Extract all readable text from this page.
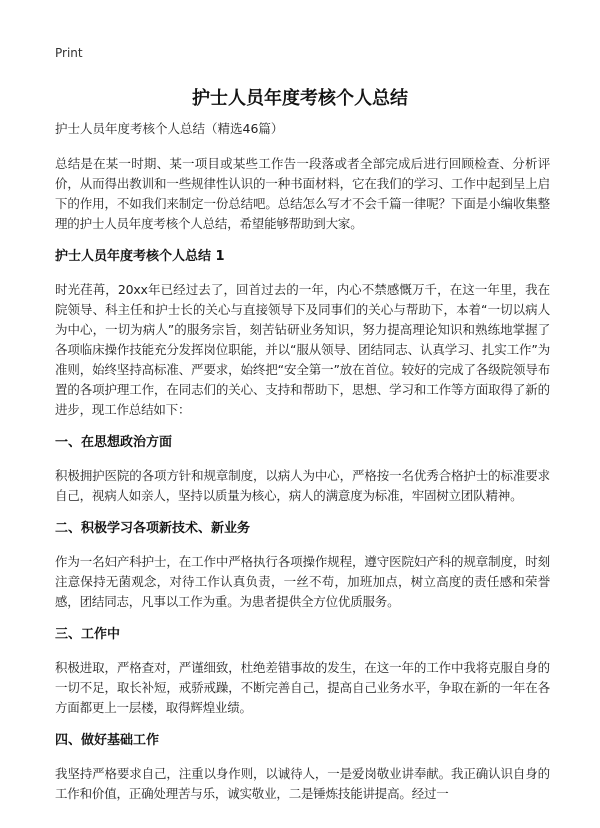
Print
护士人员年度考核个人总结
护士人员年度考核个人总结（精选46篇）

总结是在某一时期、某一项目或某些工作告一段落或者全部完成后进行回顾检查、分析评价，从而得出教训和一些规律性认识的一种书面材料，它在我们的学习、工作中起到呈上启下的作用，不如我们来制定一份总结吧。总结怎么写才不会千篇一律呢？下面是小编收集整理的护士人员年度考核个人总结，希望能够帮助到大家。

护士人员年度考核个人总结 1

时光荏苒，20xx年已经过去了，回首过去的一年，内心不禁感慨万千，在这一年里，我在院领导、科主任和护士长的关心与直接领导下及同事们的关心与帮助下，本着“一切以病人为中心，一切为病人”的服务宗旨，刻苦钻研业务知识，努力提高理论知识和熟练地掌握了各项临床操作技能充分发挥岗位职能，并以“服从领导、团结同志、认真学习、扎实工作”为准则，始终坚持高标准、严要求，始终把“安全第一”放在首位。较好的完成了各级院领导布置的各项护理工作，在同志们的关心、支持和帮助下，思想、学习和工作等方面取得了新的进步，现工作总结如下：

一、在思想政治方面

积极拥护医院的各项方针和规章制度，以病人为中心，严格按一名优秀合格护士的标准要求自己，视病人如亲人，坚持以质量为核心，病人的满意度为标准，牢固树立团队精神。

二、积极学习各项新技术、新业务

作为一名妇产科护士，在工作中严格执行各项操作规程，遵守医院妇产科的规章制度，时刻注意保持无菌观念，对待工作认真负责，一丝不苟，加班加点，树立高度的责任感和荣誉感，团结同志，凡事以工作为重。为患者提供全方位优质服务。

三、工作中

积极进取，严格查对，严谨细致，杜绝差错事故的发生，在这一年的工作中我将克服自身的一切不足，取长补短，戒骄戒躁，不断完善自己，提高自己业务水平，争取在新的一年在各方面都更上一层楼，取得辉煌业绩。

四、做好基础工作

我坚持严格要求自己，注重以身作则，以诚待人，一是爱岗敬业讲奉献。我正确认识自身的工作和价值，正确处理苦与乐，诚实敬业，二是锤炼技能讲提高。经过一
